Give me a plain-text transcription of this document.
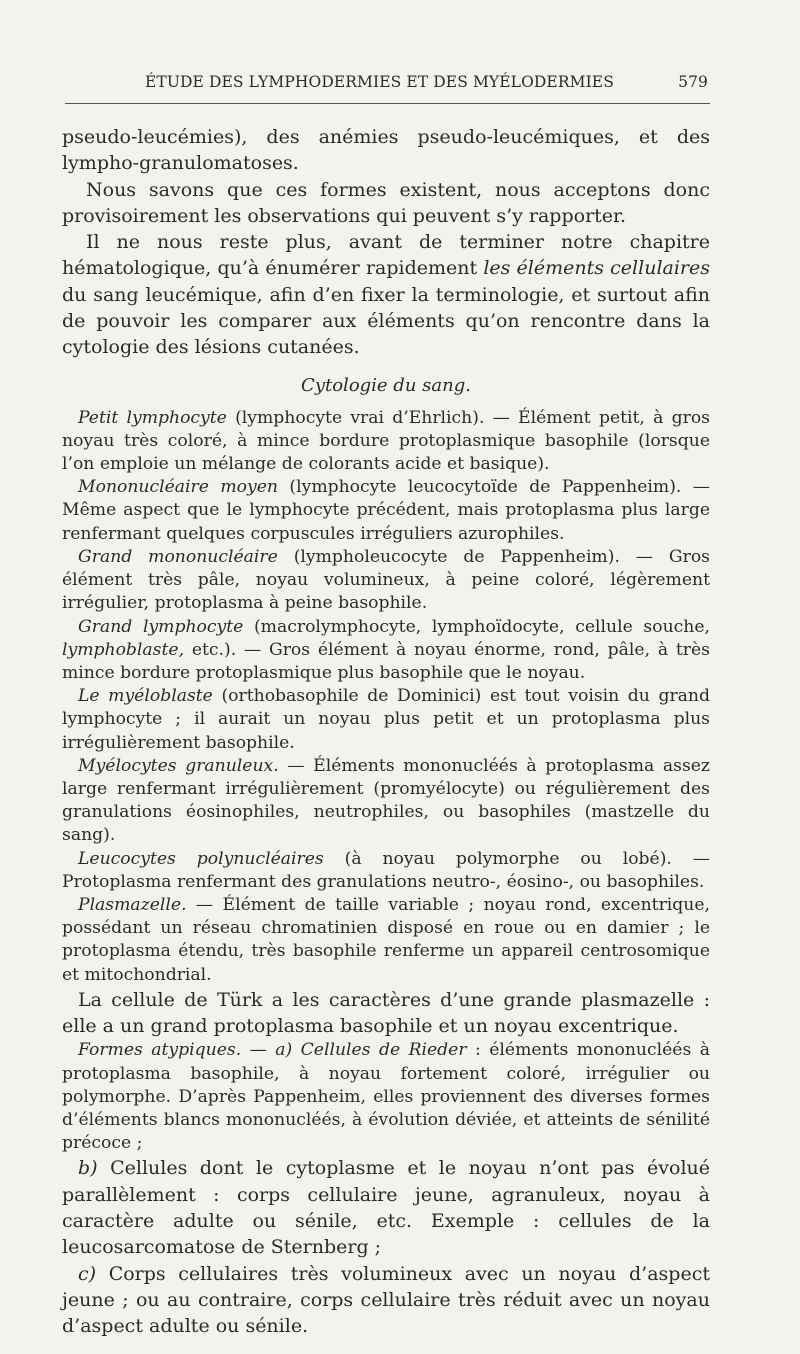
ÉTUDE DES LYMPHODERMIES ET DES MYÉLODERMIES	579

pseudo-leucémies), des anémies pseudo-leucémiques, et des lympho-granulomatoses.

Nous savons que ces formes existent, nous acceptons donc provisoirement les observations qui peuvent s’y rapporter.

Il ne nous reste plus, avant de terminer notre chapitre hématologique, qu’à énumérer rapidement les éléments cellulaires du sang leucémique, afin d’en fixer la terminologie, et surtout afin de pouvoir les comparer aux éléments qu’on rencontre dans la cytologie des lésions cutanées.

Cytologie du sang.

Petit lymphocyte (lymphocyte vrai d’Ehrlich). — Élément petit, à gros noyau très coloré, à mince bordure protoplasmique basophile (lorsque l’on emploie un mélange de colorants acide et basique).

Mononucléaire moyen (lymphocyte leucocytoïde de Pappenheim). — Même aspect que le lymphocyte précédent, mais protoplasma plus large renfermant quelques corpuscules irréguliers azurophiles.

Grand mononucléaire (lympholeucocyte de Pappenheim). — Gros élément très pâle, noyau volumineux, à peine coloré, légèrement irrégulier, protoplasma à peine basophile.

Grand lymphocyte (macrolymphocyte, lymphoïdocyte, cellule souche, lymphoblaste, etc.). — Gros élément à noyau énorme, rond, pâle, à très mince bordure protoplasmique plus basophile que le noyau.

Le myéloblaste (orthobasophile de Dominici) est tout voisin du grand lymphocyte ; il aurait un noyau plus petit et un protoplasma plus irrégulièrement basophile.

Myélocytes granuleux. — Éléments mononucléés à protoplasma assez large renfermant irrégulièrement (promyélocyte) ou régulièrement des granulations éosinophiles, neutrophiles, ou basophiles (mastzelle du sang).

Leucocytes polynucléaires (à noyau polymorphe ou lobé). — Protoplasma renfermant des granulations neutro-, éosino-, ou basophiles.

Plasmazelle. — Élément de taille variable ; noyau rond, excentrique, possédant un réseau chromatinien disposé en roue ou en damier ; le protoplasma étendu, très basophile renferme un appareil centrosomique et mitochondrial.

La cellule de Türk a les caractères d’une grande plasmazelle : elle a un grand protoplasma basophile et un noyau excentrique.

Formes atypiques. — a) Cellules de Rieder : éléments mononucléés à protoplasma basophile, à noyau fortement coloré, irrégulier ou polymorphe. D’après Pappenheim, elles proviennent des diverses formes d’éléments blancs mononucléés, à évolution déviée, et atteints de sénilité précoce ;

b) Cellules dont le cytoplasme et le noyau n’ont pas évolué parallèlement : corps cellulaire jeune, agranuleux, noyau à caractère adulte ou sénile, etc. Exemple : cellules de la leucosarcomatose de Sternberg ;

c) Corps cellulaires très volumineux avec un noyau d’aspect jeune ; ou au contraire, corps cellulaire très réduit avec un noyau d’aspect adulte ou sénile.
